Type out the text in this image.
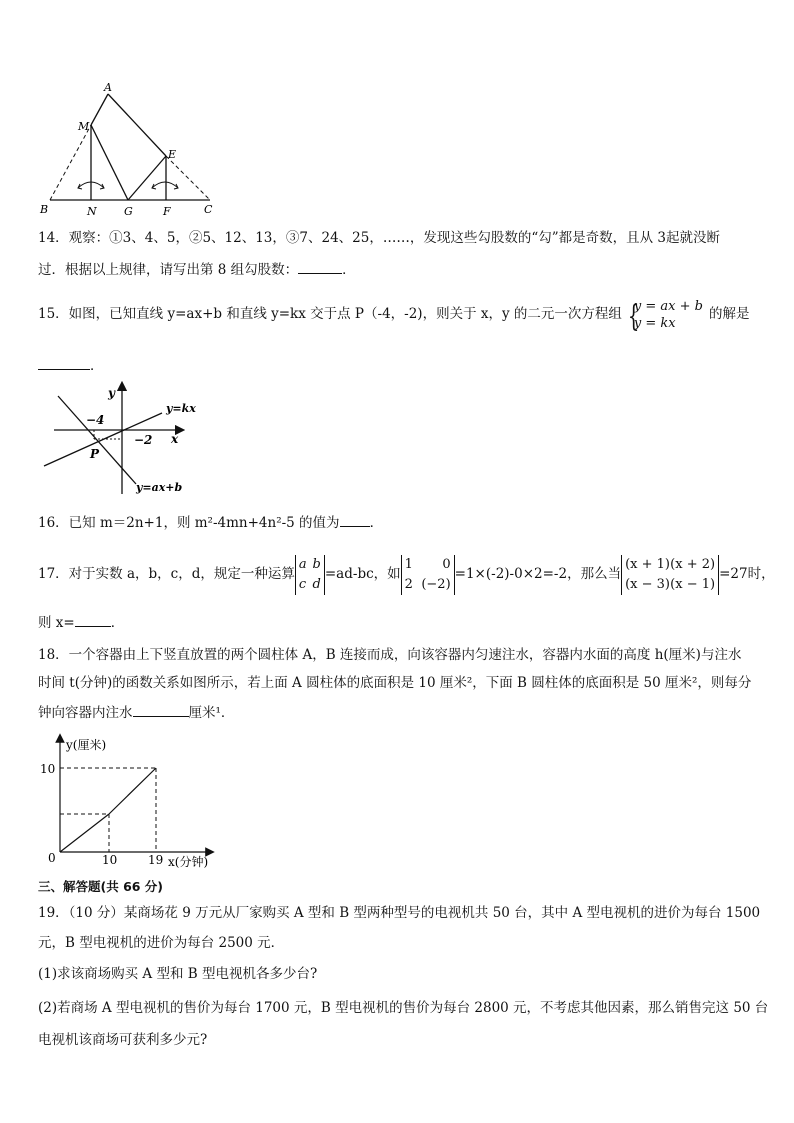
A
M
E
B	N G	F	C
14．观察：①3、4、5，②5、12、13，③7、24、25，……，发现这些勾股数的“勾”都是奇数，且从 3起就没断
过．根据以上规律，请写出第 8 组勾股数：	．
15．如图，已知直线 y=ax+b 和直线 y=kx 交于点 P（-4，-2)，则关于 x，y 的二元一次方程组 {
y = ax + b
y = kx
的解是
．
y
x
y=kx
y=ax+b
−4
−2
P
16．已知 m＝2n+1，则 m²-4mn+4n²-5 的值为 ．
17．对于实数 a，b，c，d，规定一种运算
a b
c d
=ad-bc，如
1 0
2 (−2)
=1×(-2)-0×2=-2，那么当
(x + 1) (x + 2)
(x − 3) (x − 1)
=27时，
则 x=	．
18．一个容器由上下竖直放置的两个圆柱体 A，B 连接而成，向该容器内匀速注水，容器内水面的高度 h(厘米)与注水
时间 t(分钟)的函数关系如图所示，若上面 A 圆柱体的底面积是 10 厘米²，下面 B 圆柱体的底面积是 50 厘米²，则每分
钟向容器内注水	厘米¹．
y(厘米)
x(分钟)
10
0	10	19
三、解答题(共 66 分)
19．（10 分）某商场花 9 万元从厂家购买 A 型和 B 型两种型号的电视机共 50 台，其中 A 型电视机的进价为每台 1500
元，B 型电视机的进价为每台 2500 元．
(1)求该商场购买 A 型和 B 型电视机各多少台?
(2)若商场 A 型电视机的售价为每台 1700 元，B 型电视机的售价为每台 2800 元，不考虑其他因素，那么销售完这 50 台
电视机该商场可获利多少元?
